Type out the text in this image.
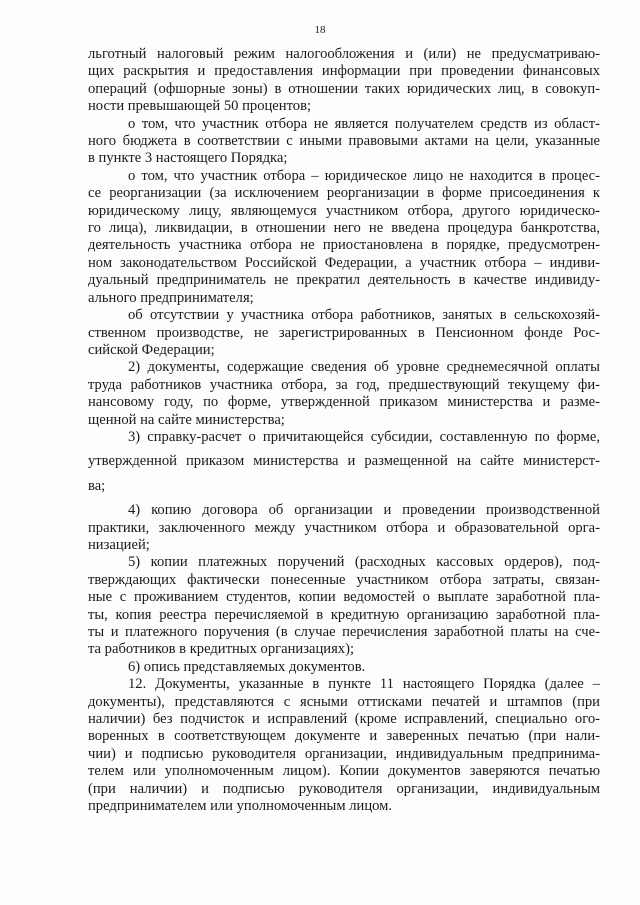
18
льготный налоговый режим налогообложения и (или) не предусматриваю-
щих раскрытия и предоставления информации при проведении финансовых
операций (офшорные зоны) в отношении таких юридических лиц, в совокуп-
ности превышающей 50 процентов;
о том, что участник отбора не является получателем средств из област-
ного бюджета в соответствии с иными правовыми актами на цели, указанные
в пункте 3 настоящего Порядка;
о том, что участник отбора – юридическое лицо не находится в процес-
се реорганизации (за исключением реорганизации в форме присоединения к
юридическому лицу, являющемуся участником отбора, другого юридическо-
го лица), ликвидации, в отношении него не введена процедура банкротства,
деятельность участника отбора не приостановлена в порядке, предусмотрен-
ном законодательством Российской Федерации, а участник отбора – индиви-
дуальный предприниматель не прекратил деятельность в качестве индивиду-
ального предпринимателя;
об отсутствии у участника отбора работников, занятых в сельскохозяй-
ственном производстве, не зарегистрированных в Пенсионном фонде Рос-
сийской Федерации;
2) документы, содержащие сведения об уровне среднемесячной оплаты
труда работников участника отбора, за год, предшествующий текущему фи-
нансовому году, по форме, утвержденной приказом министерства и разме-
щенной на сайте министерства;
3) справку-расчет о причитающейся субсидии, составленную по форме,
утвержденной приказом министерства и размещенной на сайте министерст-
ва;
4) копию договора об организации и проведении производственной
практики, заключенного между участником отбора и образовательной орга-
низацией;
5) копии платежных поручений (расходных кассовых ордеров), под-
тверждающих фактически понесенные участником отбора затраты, связан-
ные с проживанием студентов, копии ведомостей о выплате заработной пла-
ты, копия реестра перечисляемой в кредитную организацию заработной пла-
ты и платежного поручения (в случае перечисления заработной платы на сче-
та работников в кредитных организациях);
6) опись представляемых документов.
12. Документы, указанные в пункте 11 настоящего Порядка (далее –
документы), представляются с ясными оттисками печатей и штампов (при
наличии) без подчисток и исправлений (кроме исправлений, специально ого-
воренных в соответствующем документе и заверенных печатью (при нали-
чии) и подписью руководителя организации, индивидуальным предпринима-
телем или уполномоченным лицом). Копии документов заверяются печатью
(при наличии) и подписью руководителя организации, индивидуальным
предпринимателем или уполномоченным лицом.
